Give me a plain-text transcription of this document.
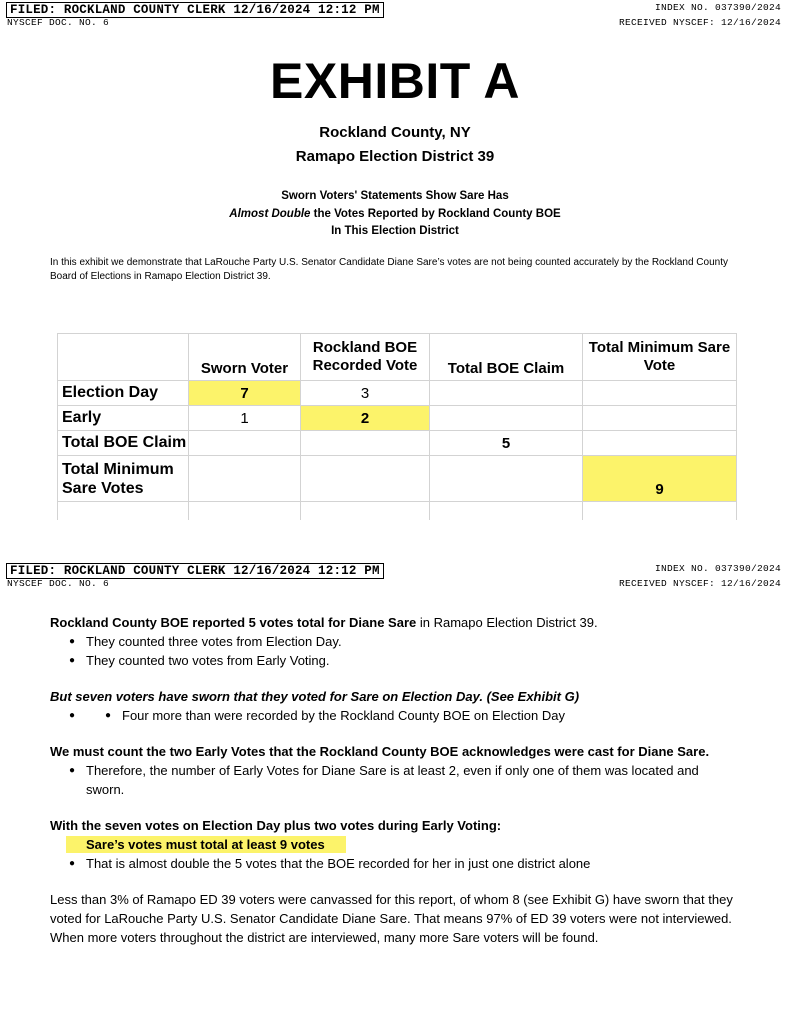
FILED: ROCKLAND COUNTY CLERK 12/16/2024 12:12 PM	INDEX NO. 037390/2024
NYSCEF DOC. NO. 6	RECEIVED NYSCEF: 12/16/2024
EXHIBIT A
Rockland County, NY
Ramapo Election District 39
Sworn Voters' Statements Show Sare Has
Almost Double the Votes Reported by Rockland County BOE
In This Election District
In this exhibit we demonstrate that LaRouche Party U.S. Senator Candidate Diane Sare’s votes are not being counted accurately by the Rockland County Board of Elections in Ramapo Election District 39.
	Sworn Voter	Rockland BOE Recorded Vote	Total BOE Claim	Total Minimum Sare Vote
Election Day	7	3		
Early	1	2		
Total BOE Claim			5	
Total Minimum Sare Votes				9

FILED: ROCKLAND COUNTY CLERK 12/16/2024 12:12 PM	INDEX NO. 037390/2024
NYSCEF DOC. NO. 6	RECEIVED NYSCEF: 12/16/2024

Rockland County BOE reported 5 votes total for Diane Sare in Ramapo Election District 39.

● They counted three votes from Election Day.
● They counted two votes from Early Voting.

But seven voters have sworn that they voted for Sare on Election Day. (See Exhibit G)

● ● Four more than were recorded by the Rockland County BOE on Election Day

We must count the two Early Votes that the Rockland County BOE acknowledges were cast for Diane Sare.

● Therefore, the number of Early Votes for Diane Sare is at least 2, even if only one of them was located and sworn.

With the seven votes on Election Day plus two votes during Early Voting:

● Sare’s votes must total at least 9 votes
● That is almost double the 5 votes that the BOE recorded for her in just one district alone

Less than 3% of Ramapo ED 39 voters were canvassed for this report, of whom 8 (see Exhibit G) have sworn that they voted for LaRouche Party U.S. Senator Candidate Diane Sare. That means 97% of ED 39 voters were not interviewed. When more voters throughout the district are interviewed, many more Sare voters will be found.
